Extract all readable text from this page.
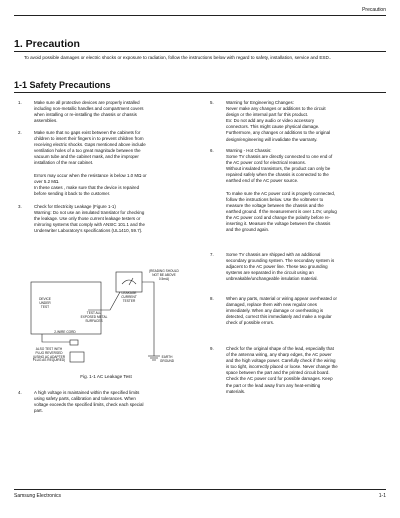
Precaution
1. Precaution
To avoid possible damages or electric shocks or exposure to radiation, follow the instructions below with regard to safety, installation, service and ESD..
1-1 Safety Precautions
1.	Make sure all protective devices are properly installed
including non-metallic handles and compartment covers
when installing or re-installing the chassis or chassis
assemblies.
2.	Make sure that no gaps exist between the cabinets for
children to insert their fingers in to prevent children from
receiving electric shocks. Gaps mentioned above include
ventilation holes of a too great magnitude between the
vacuum tube and the cabinet mask, and the improper
installation of the rear cabinet.

Errors may occur when the resistance is below 1.0 MΩ or
over 5.2 MΩ.
In these cases , make sure that the device is repaired
before sending it back to the customer.
3.	Check for Electricity Leakage (Figure 1-1)
Warning: Do not use an insulated translator for checking
the leakage. Use only those current leakage testers or
mirroring systems that comply with ANSIC 101.1 and the
Underwriter Laboratory's specifications (UL1410, 59.7).
4.	A high voltage is maintained within the specified limits
using safety parts, calibration and tolerances. When
voltage exceeds the specified limits, check each special
part.
DEVICE
UNDER
TEST
LEAKAGE
CURRENT
TESTER
(READING SHOULD
NOT BE ABOVE
0.5mA)
TEST ALL
EXPOSED METAL
SURFACES
2-WIRE CORD
ALSO TEST WITH
PLUG REVERSED
(USING AC ADAPTER
PLUG AS REQUIRED)
EARTH
GROUND
Fig. 1-1 AC Leakage Test
5.	Warning for Engineering Changes:
Never make any changes or additions to the circuit
design or the internal part for this product.
Ex: Do not add any audio or video accessory
connectors. This might cause physical damage.
Furthermore, any changes or additions to the original
design/engineering will invalidate the warranty.
6.	Warning - Hot Chassis:
Some TV chassis are directly connected to one end of
the AC power cord for electrical reasons.
Without insulated transistors, the product can only be
repaired safely when the chassis is connected to the
earthed end of the AC power source.

To make sure the AC power cord is properly connected,
follow the instructions below. Use the voltmeter to
measure the voltage between the chassis and the
earthed ground. If the measurement is over 1.0V, unplug
the AC power cord and change the polarity before re-
inserting it. Measure the voltage between the chassis
and the ground again.
7.	Some TV chassis are shipped with an additional
secondary grounding system. The secondary system is
adjacent to the AC power line. These two grounding
systems are separated in the circuit using an
unbreakable/unchangeable insulation material.
8.	When any parts, material or wiring appear overheated or
damaged, replace them with new regular ones
immediately. When any damage or overheating is
detected, correct this immediately and make a regular
check of possible errors.
9.	Check for the original shape of the lead, especially that
of the antenna wiring, any sharp edges, the AC power
and the high voltage power. Carefully check if the wiring
is too tight, incorrectly placed or loose. Never change the
space between the part and the printed circuit board.
Check the AC power cord for possible damages. Keep
the part or the lead away from any heat-emitting
materials.
Samsung Electronics	1-1
